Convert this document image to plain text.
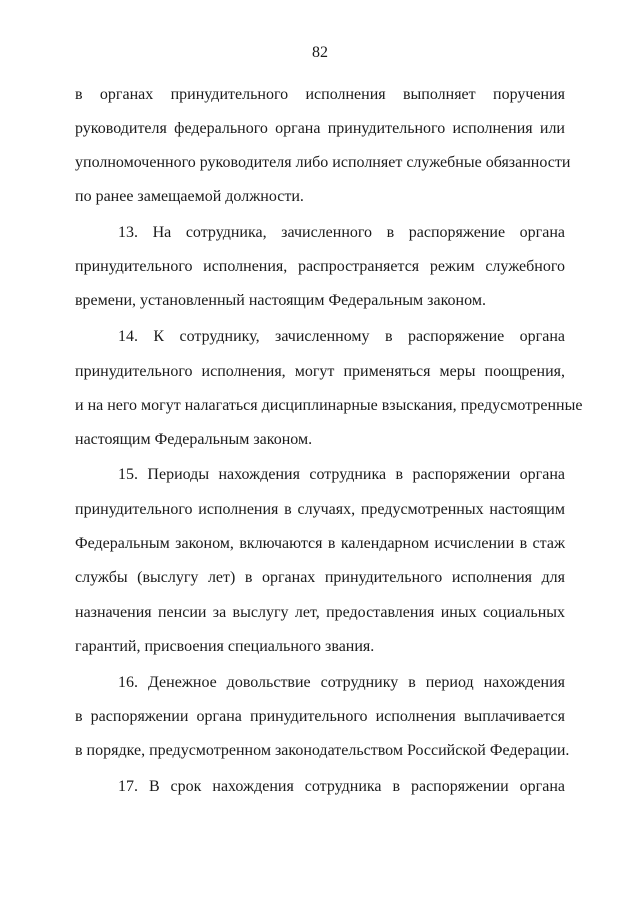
82
в органах принудительного исполнения выполняет поручения
руководителя федерального органа принудительного исполнения или
уполномоченного руководителя либо исполняет служебные обязанности
по ранее замещаемой должности.
13. На сотрудника, зачисленного в распоряжение органа
принудительного исполнения, распространяется режим служебного
времени, установленный настоящим Федеральным законом.
14. К сотруднику, зачисленному в распоряжение органа
принудительного исполнения, могут применяться меры поощрения,
и на него могут налагаться дисциплинарные взыскания, предусмотренные
настоящим Федеральным законом.
15. Периоды нахождения сотрудника в распоряжении органа
принудительного исполнения в случаях, предусмотренных настоящим
Федеральным законом, включаются в календарном исчислении в стаж
службы (выслугу лет) в органах принудительного исполнения для
назначения пенсии за выслугу лет, предоставления иных социальных
гарантий, присвоения специального звания.
16. Денежное довольствие сотруднику в период нахождения
в распоряжении органа принудительного исполнения выплачивается
в порядке, предусмотренном законодательством Российской Федерации.
17. В срок нахождения сотрудника в распоряжении органа
